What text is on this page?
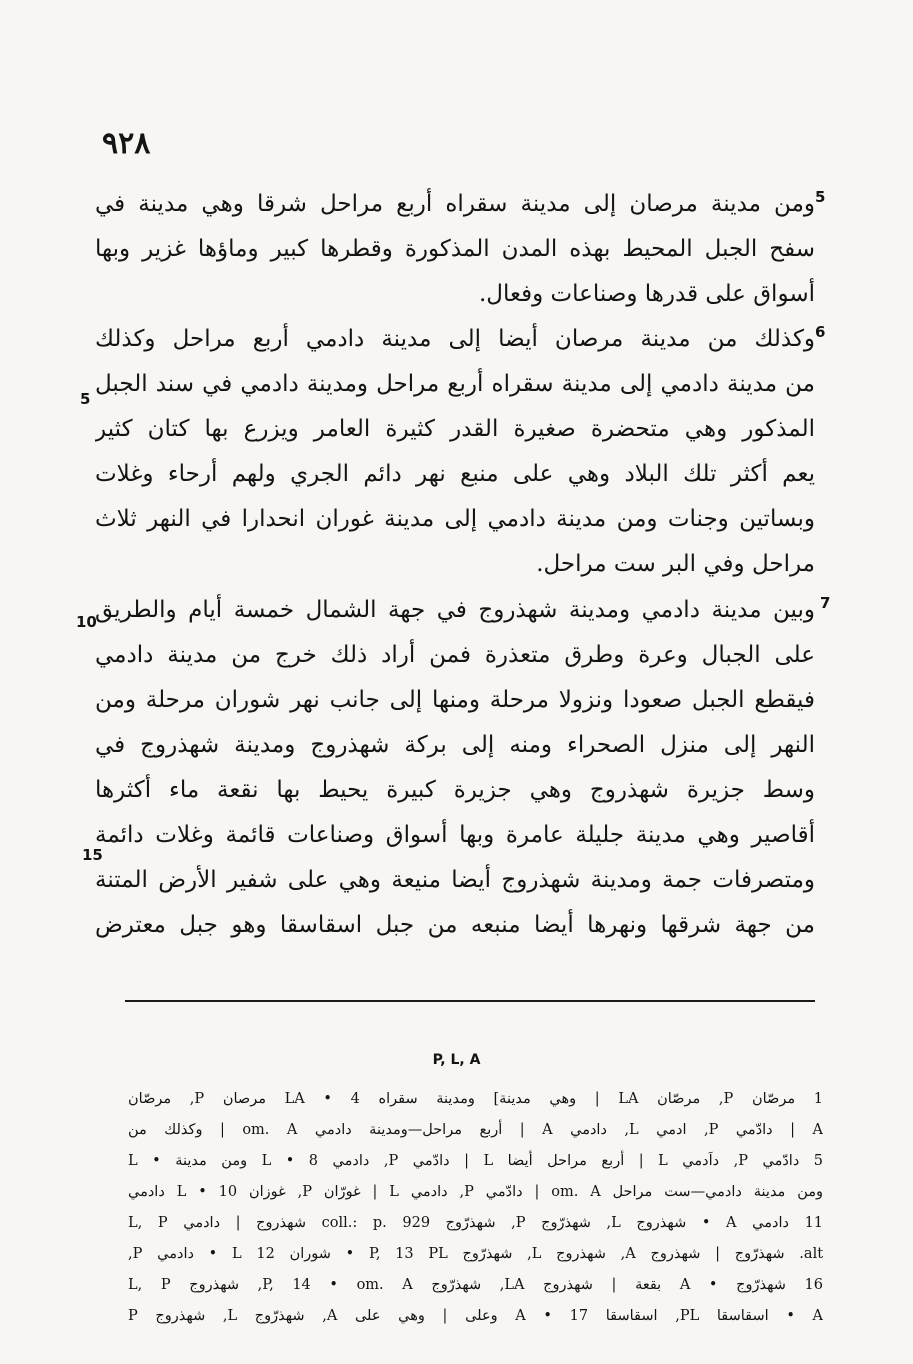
٩٢٨
5
ومن مدينة مرصان إلى مدينة سقراه أربع مراحل شرقا وهي مدينة في
سفح الجبل المحيط بهذه المدن المذكورة وقطرها كبير وماؤها غزير وبها
أسواق على قدرها وصناعات وفعال.
6
وكذلك من مدينة مرصان أيضا إلى مدينة دادمي أربع مراحل وكذلك
من مدينة دادمي إلى مدينة سقراه أربع مراحل ومدينة دادمي في سند الجبل
المذكور وهي متحضرة صغيرة القدر كثيرة العامر ويزرع بها كتان كثير
يعم أكثر تلك البلاد وهي على منبع نهر دائم الجري ولهم أرحاء وغلات
وبساتين وجنات ومن مدينة دادمي إلى مدينة غوران انحدارا في النهر ثلاث
مراحل وفي البر ست مراحل.
7
وبين مدينة دادمي ومدينة شهذروج في جهة الشمال خمسة أيام والطريق
على الجبال وعرة وطرق متعذرة فمن أراد ذلك خرج من مدينة دادمي
فيقطع الجبل صعودا ونزولا مرحلة ومنها إلى جانب نهر شوران مرحلة ومن
النهر إلى منزل الصحراء ومنه إلى بركة شهذروج ومدينة شهذروج في
وسط جزيرة شهذروج وهي جزيرة كبيرة يحيط بها نقعة ماء أكثرها
أقاصير وهي مدينة جليلة عامرة وبها أسواق وصناعات قائمة وغلات دائمة
ومتصرفات جمة ومدينة شهذروج أيضا منيعة وهي على شفير الأرض المتنة
من جهة شرقها ونهرها أيضا منبعه من جبل اسقاسقا وهو جبل معترض
5
10
15
P, L, A
1 مرصّان P, مرصّان LA | وهي مدينة] ومدينة سقراه LA • 4 مرصان P, مرصّان
A | دادّمي P, ادمي L, دادمي A | أربع مراحل—ومدينة دادمي om. A | وكذلك من
5 دادّمي P, داَدمي L | أربع مراحل أيضا L | دادّمي P, دادمي L • 8 ومن مدينة • L
ومن مدينة دادمي—ست مراحل om. A | دادّمي P, دادمي L | غورّان P, غوزان L • 10 دادمي
11 دادمي A • شهذروج L, شهذرّوج P, شهذرّوج coll.: p. 929 شهذروج | دادمي L, P
alt. شهذرّوج | شهذروج A, شهذروج L, شهذرّوج P, 13 PL • شوران 12 L • دادمي P,
16 شهذرّوج • A بقعة | شهذروج LA, شهذرّوج P, 14 • om. A, شهذروج L, P
A • اسقاسقا PL, اسقاسقا 17 • A وعلى | وهي على A, شهذرّوج L, شهذروج P
